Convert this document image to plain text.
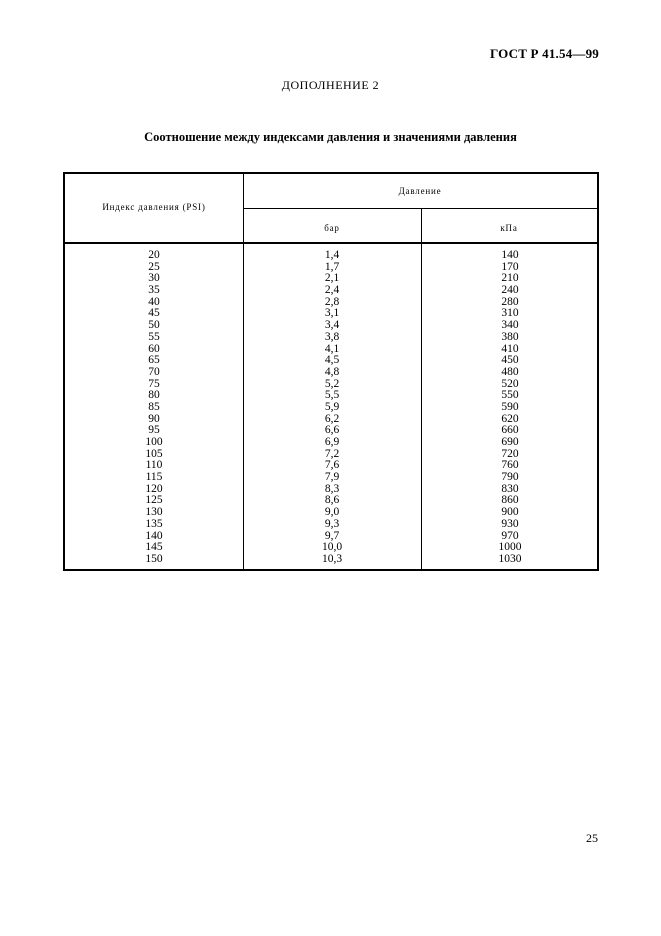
ГОСТ Р 41.54—99
ДОПОЛНЕНИЕ 2
Соотношение между индексами давления и значениями давления
Индекс давления (PSI)
Давление
бар	кПа
20
25
30
35
40
45
50
55
60
65
70
75
80
85
90
95
100
105
110
115
120
125
130
135
140
145
150
1,4
1,7
2,1
2,4
2,8
3,1
3,4
3,8
4,1
4,5
4,8
5,2
5,5
5,9
6,2
6,6
6,9
7,2
7,6
7,9
8,3
8,6
9,0
9,3
9,7
10,0
10,3
140
170
210
240
280
310
340
380
410
450
480
520
550
590
620
660
690
720
760
790
830
860
900
930
970
1000
1030
25
